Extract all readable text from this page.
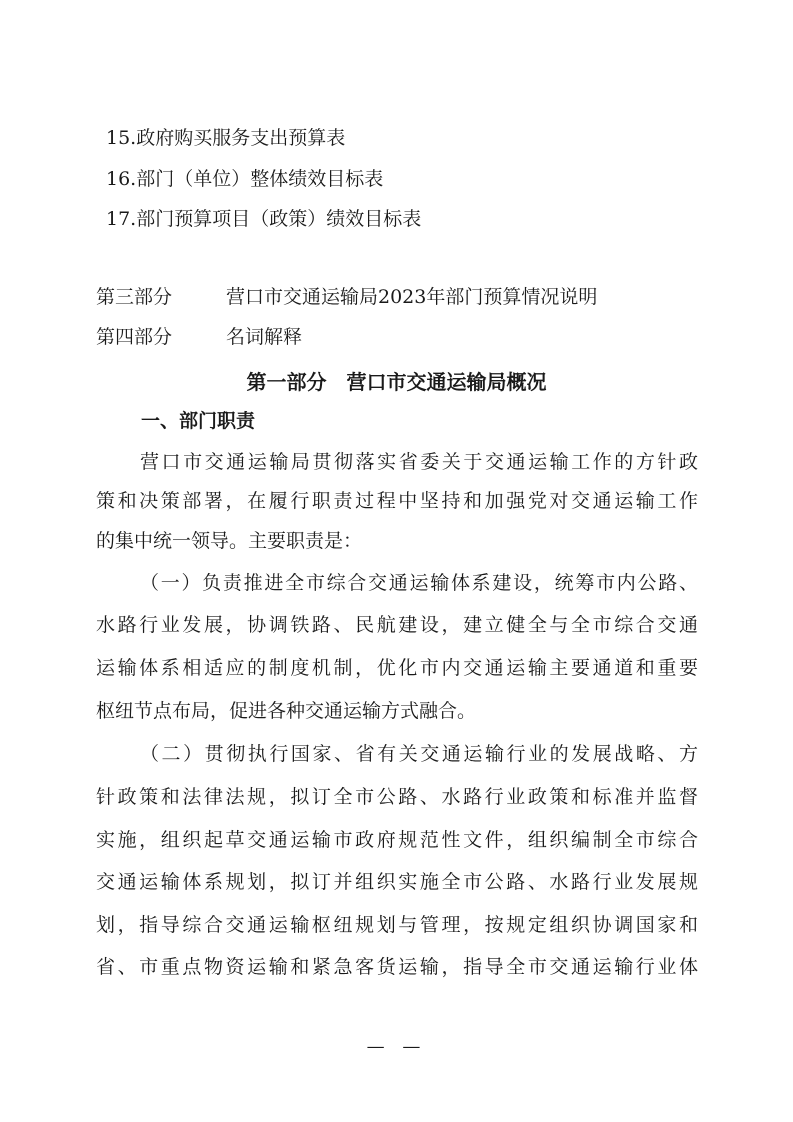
15.政府购买服务支出预算表
16.部门（单位）整体绩效目标表
17.部门预算项目（政策）绩效目标表
第三部分	营口市交通运输局2023年部门预算情况说明
第四部分	名词解释
第一部分　营口市交通运输局概况
一、部门职责
营口市交通运输局贯彻落实省委关于交通运输工作的方针政
策和决策部署，在履行职责过程中坚持和加强党对交通运输工作
的集中统一领导。主要职责是：
（一）负责推进全市综合交通运输体系建设，统筹市内公路、
水路行业发展，协调铁路、民航建设，建立健全与全市综合交通
运输体系相适应的制度机制，优化市内交通运输主要通道和重要
枢纽节点布局，促进各种交通运输方式融合。
（二）贯彻执行国家、省有关交通运输行业的发展战略、方
针政策和法律法规，拟订全市公路、水路行业政策和标准并监督
实施，组织起草交通运输市政府规范性文件，组织编制全市综合
交通运输体系规划，拟订并组织实施全市公路、水路行业发展规
划，指导综合交通运输枢纽规划与管理，按规定组织协调国家和
省、市重点物资运输和紧急客货运输，指导全市交通运输行业体
— —
